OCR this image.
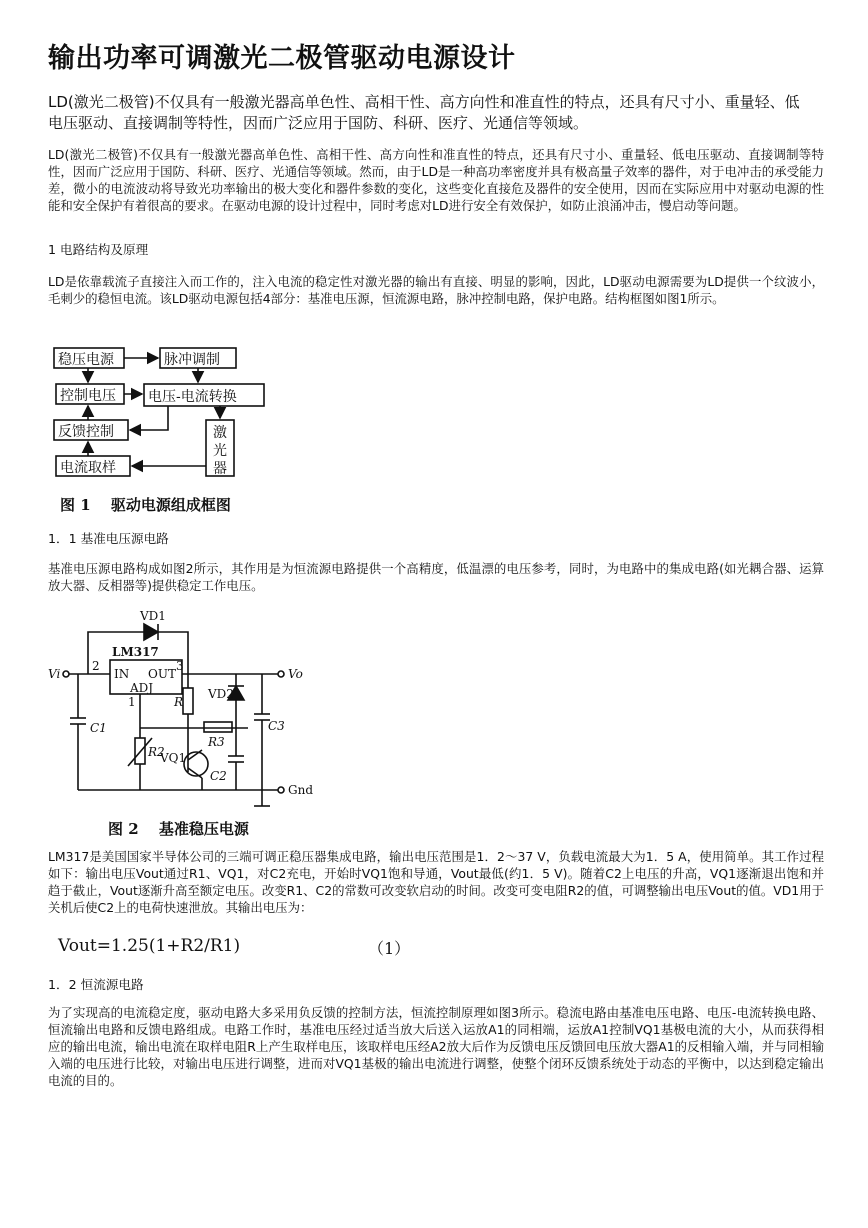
输出功率可调激光二极管驱动电源设计
LD(激光二极管)不仅具有一般激光器高单色性、高相干性、高方向性和准直性的特点，还具有尺寸小、重量轻、低电压驱动、直接调制等特性，因而广泛应用于国防、科研、医疗、光通信等领域。
LD(激光二极管)不仅具有一般激光器高单色性、高相干性、高方向性和准直性的特点，还具有尺寸小、重量轻、低电压驱动、直接调制等特性，因而广泛应用于国防、科研、医疗、光通信等领域。然而，由于LD是一种高功率密度并具有极高量子效率的器件，对于电冲击的承受能力差，微小的电流波动将导致光功率输出的极大变化和器件参数的变化，这些变化直接危及器件的安全使用，因而在实际应用中对驱动电源的性能和安全保护有着很高的要求。在驱动电源的设计过程中，同时考虑对LD进行安全有效保护，如防止浪涌冲击，慢启动等问题。
1 电路结构及原理
LD是依靠载流子直接注入而工作的，注入电流的稳定性对激光器的输出有直接、明显的影响，因此，LD驱动电源需要为LD提供一个纹波小，毛刺少的稳恒电流。该LD驱动电源包括4部分：基准电压源，恒流源电路，脉冲控制电路，保护电路。结构框图如图1所示。
稳压电源	脉冲调制
控制电压 电压-电流转换
反馈控制
电流取样
激
光
器
图 1　 驱动电源组成框图
1．1 基准电压源电路
基准电压源电路构成如图2所示，其作用是为恒流源电路提供一个高精度，低温漂的电压参考，同时，为电路中的集成电路(如光耦合器、运算放大器、反相器等)提供稳定工作电压。
VD1
LM317
IN OUT
ADJ
2	3
1
Vi	Vo
R
VD2
C3
R3
C1
R2
VQ1
C2
Gnd
图 2　 基准稳压电源
LM317是美国国家半导体公司的三端可调正稳压器集成电路，输出电压范围是1．2～37 V，负载电流最大为1．5 A，使用简单。其工作过程如下：输出电压Vout通过R1、VQ1，对C2充电，开始时VQ1饱和导通，Vout最低(约1．5 V)。随着C2上电压的升高，VQ1逐渐退出饱和并趋于截止，Vout逐渐升高至额定电压。改变R1、C2的常数可改变软启动的时间。改变可变电阻R2的值，可调整输出电压Vout的值。VD1用于关机后使C2上的电荷快速泄放。其输出电压为：
Vout=1.25(1+R2/R1)	（1）
1．2 恒流源电路
为了实现高的电流稳定度，驱动电路大多采用负反馈的控制方法，恒流控制原理如图3所示。稳流电路由基准电压电路、电压-电流转换电路、恒流输出电路和反馈电路组成。电路工作时，基准电压经过适当放大后送入运放A1的同相端，运放A1控制VQ1基极电流的大小，从而获得相应的输出电流，输出电流在取样电阻R上产生取样电压，该取样电压经A2放大后作为反馈电压反馈回电压放大器A1的反相输入端，并与同相输入端的电压进行比较，对输出电压进行调整，进而对VQ1基极的输出电流进行调整，使整个闭环反馈系统处于动态的平衡中，以达到稳定输出电流的目的。
